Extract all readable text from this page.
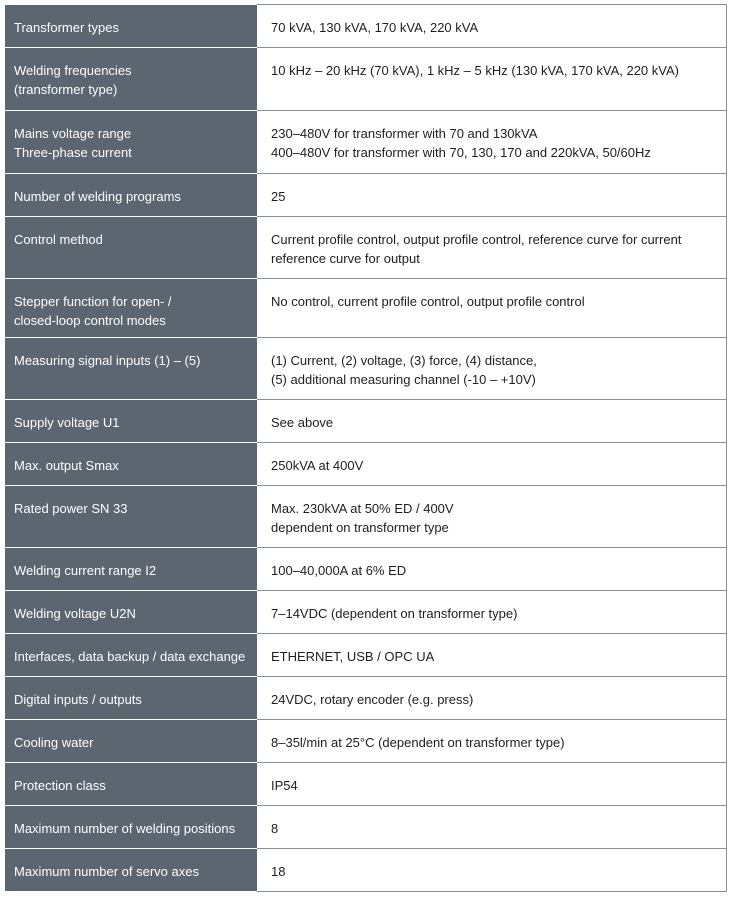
Transformer types	70 kVA, 130 kVA, 170 kVA, 220 kVA

Welding frequencies
(transformer type)	10 kHz – 20 kHz (70 kVA), 1 kHz – 5 kHz (130 kVA, 170 kVA, 220 kVA)

Mains voltage range
Three-phase current	230–480V for transformer with 70 and 130kVA
400–480V for transformer with 70, 130, 170 and 220kVA, 50/60Hz

Number of welding programs	25

Control method	Current profile control, output profile control, reference curve for current
reference curve for output

Stepper function for open- /
closed-loop control modes	No control, current profile control, output profile control

Measuring signal inputs (1) – (5)	(1) Current, (2) voltage, (3) force, (4) distance,
(5) additional measuring channel (-10 – +10V)

Supply voltage U1	See above

Max. output Smax	250kVA at 400V

Rated power SN 33	Max. 230kVA at 50% ED / 400V
dependent on transformer type

Welding current range I2	100–40,000A at 6% ED

Welding voltage U2N	7–14VDC (dependent on transformer type)

Interfaces, data backup / data exchange	ETHERNET, USB / OPC UA

Digital inputs / outputs	24VDC, rotary encoder (e.g. press)

Cooling water	8–35l/min at 25°C (dependent on transformer type)

Protection class	IP54

Maximum number of welding positions	8

Maximum number of servo axes	18
